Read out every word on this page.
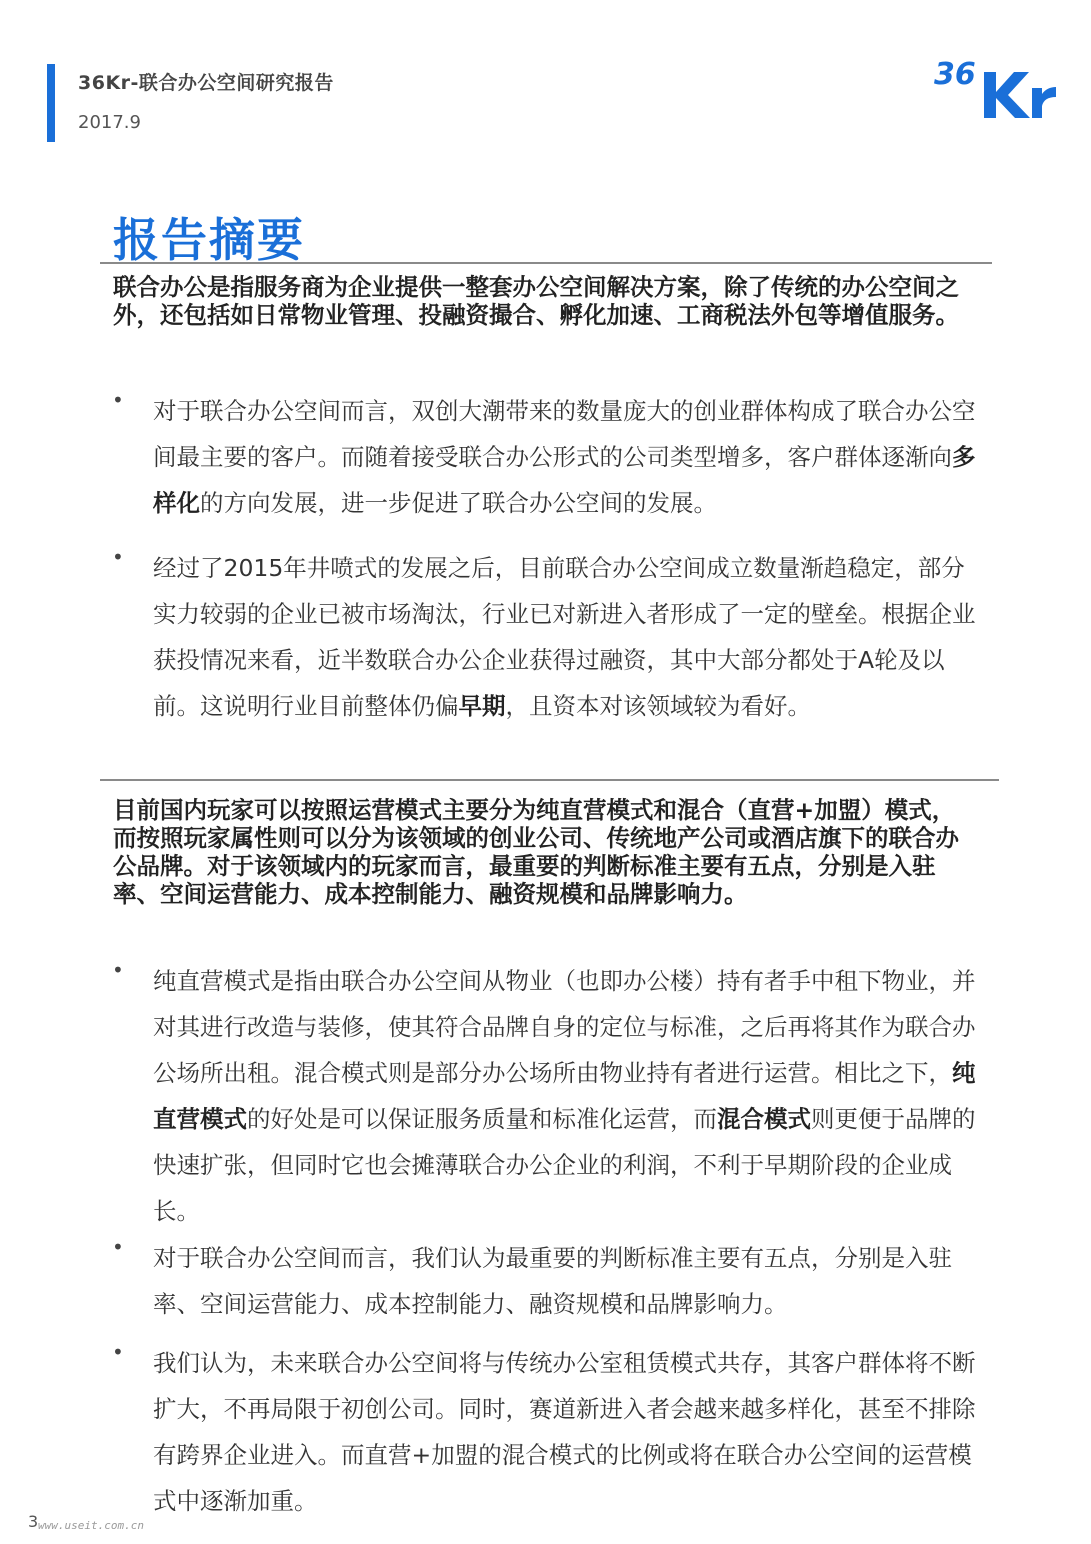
36Kr-联合办公空间研究报告
2017.9
36
报告摘要
联合办公是指服务商为企业提供一整套办公空间解决方案，除了传统的办公空间之外，还包括如日常物业管理、投融资撮合、孵化加速、工商税法外包等增值服务。
• 对于联合办公空间而言，双创大潮带来的数量庞大的创业群体构成了联合办公空间最主要的客户。而随着接受联合办公形式的公司类型增多，客户群体逐渐向多样化的方向发展，进一步促进了联合办公空间的发展。
• 经过了2015年井喷式的发展之后，目前联合办公空间成立数量渐趋稳定，部分实力较弱的企业已被市场淘汰，行业已对新进入者形成了一定的壁垒。根据企业获投情况来看，近半数联合办公企业获得过融资，其中大部分都处于A轮及以前。这说明行业目前整体仍偏早期，且资本对该领域较为看好。
目前国内玩家可以按照运营模式主要分为纯直营模式和混合（直营+加盟）模式，而按照玩家属性则可以分为该领域的创业公司、传统地产公司或酒店旗下的联合办公品牌。对于该领域内的玩家而言，最重要的判断标准主要有五点，分别是入驻率、空间运营能力、成本控制能力、融资规模和品牌影响力。
• 纯直营模式是指由联合办公空间从物业（也即办公楼）持有者手中租下物业，并对其进行改造与装修，使其符合品牌自身的定位与标准，之后再将其作为联合办公场所出租。混合模式则是部分办公场所由物业持有者进行运营。相比之下，纯直营模式的好处是可以保证服务质量和标准化运营，而混合模式则更便于品牌的快速扩张，但同时它也会摊薄联合办公企业的利润，不利于早期阶段的企业成长。
• 对于联合办公空间而言，我们认为最重要的判断标准主要有五点，分别是入驻率、空间运营能力、成本控制能力、融资规模和品牌影响力。
• 我们认为，未来联合办公空间将与传统办公室租赁模式共存，其客户群体将不断扩大，不再局限于初创公司。同时，赛道新进入者会越来越多样化，甚至不排除有跨界企业进入。而直营+加盟的混合模式的比例或将在联合办公空间的运营模式中逐渐加重。
3 www.useit.com.cn
